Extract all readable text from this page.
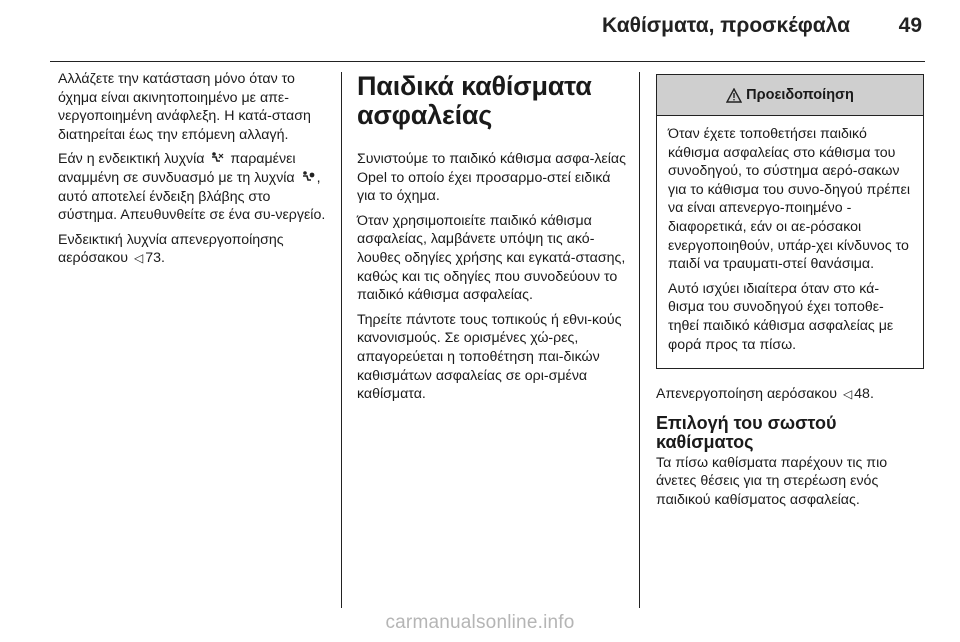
Καθίσματα, προσκέφαλα 49

Αλλάζετε την κατάσταση μόνο όταν το όχημα είναι ακινητοποιημένο με απε-νεργοποιημένη ανάφλεξη. Η κατά-σταση διατηρείται έως την επόμενη αλλαγή.

Εάν η ενδεικτική λυχνία παραμένει αναμμένη σε συνδυασμό με τη λυχνία , αυτό αποτελεί ένδειξη βλάβης στο σύστημα. Απευθυνθείτε σε ένα συ-νεργείο.

Ενδεικτική λυχνία απενεργοποίησης αερόσακου ◁ 73.

Παιδικά καθίσματα ασφαλείας

Συνιστούμε το παιδικό κάθισμα ασφα-λείας Opel το οποίο έχει προσαρμο-στεί ειδικά για το όχημα.

Όταν χρησιμοποιείτε παιδικό κάθισμα ασφαλείας, λαμβάνετε υπόψη τις ακό-λουθες οδηγίες χρήσης και εγκατά-στασης, καθώς και τις οδηγίες που συνοδεύουν το παιδικό κάθισμα ασφαλείας.

Τηρείτε πάντοτε τους τοπικούς ή εθνι-κούς κανονισμούς. Σε ορισμένες χώ-ρες, απαγορεύεται η τοποθέτηση παι-δικών καθισμάτων ασφαλείας σε ορι-σμένα καθίσματα.

Προειδοποίηση

Όταν έχετε τοποθετήσει παιδικό κάθισμα ασφαλείας στο κάθισμα του συνοδηγού, το σύστημα αερό-σακων για το κάθισμα του συνο-δηγού πρέπει να είναι απενεργο-ποιημένο - διαφορετικά, εάν οι αε-ρόσακοι ενεργοποιηθούν, υπάρ-χει κίνδυνος το παιδί να τραυματι-στεί θανάσιμα.

Αυτό ισχύει ιδιαίτερα όταν στο κά-θισμα του συνοδηγού έχει τοποθε-τηθεί παιδικό κάθισμα ασφαλείας με φορά προς τα πίσω.

Απενεργοποίηση αερόσακου ◁ 48.

Επιλογή του σωστού καθίσματος

Τα πίσω καθίσματα παρέχουν τις πιο άνετες θέσεις για τη στερέωση ενός παιδικού καθίσματος ασφαλείας.

carmanualsonline.info
